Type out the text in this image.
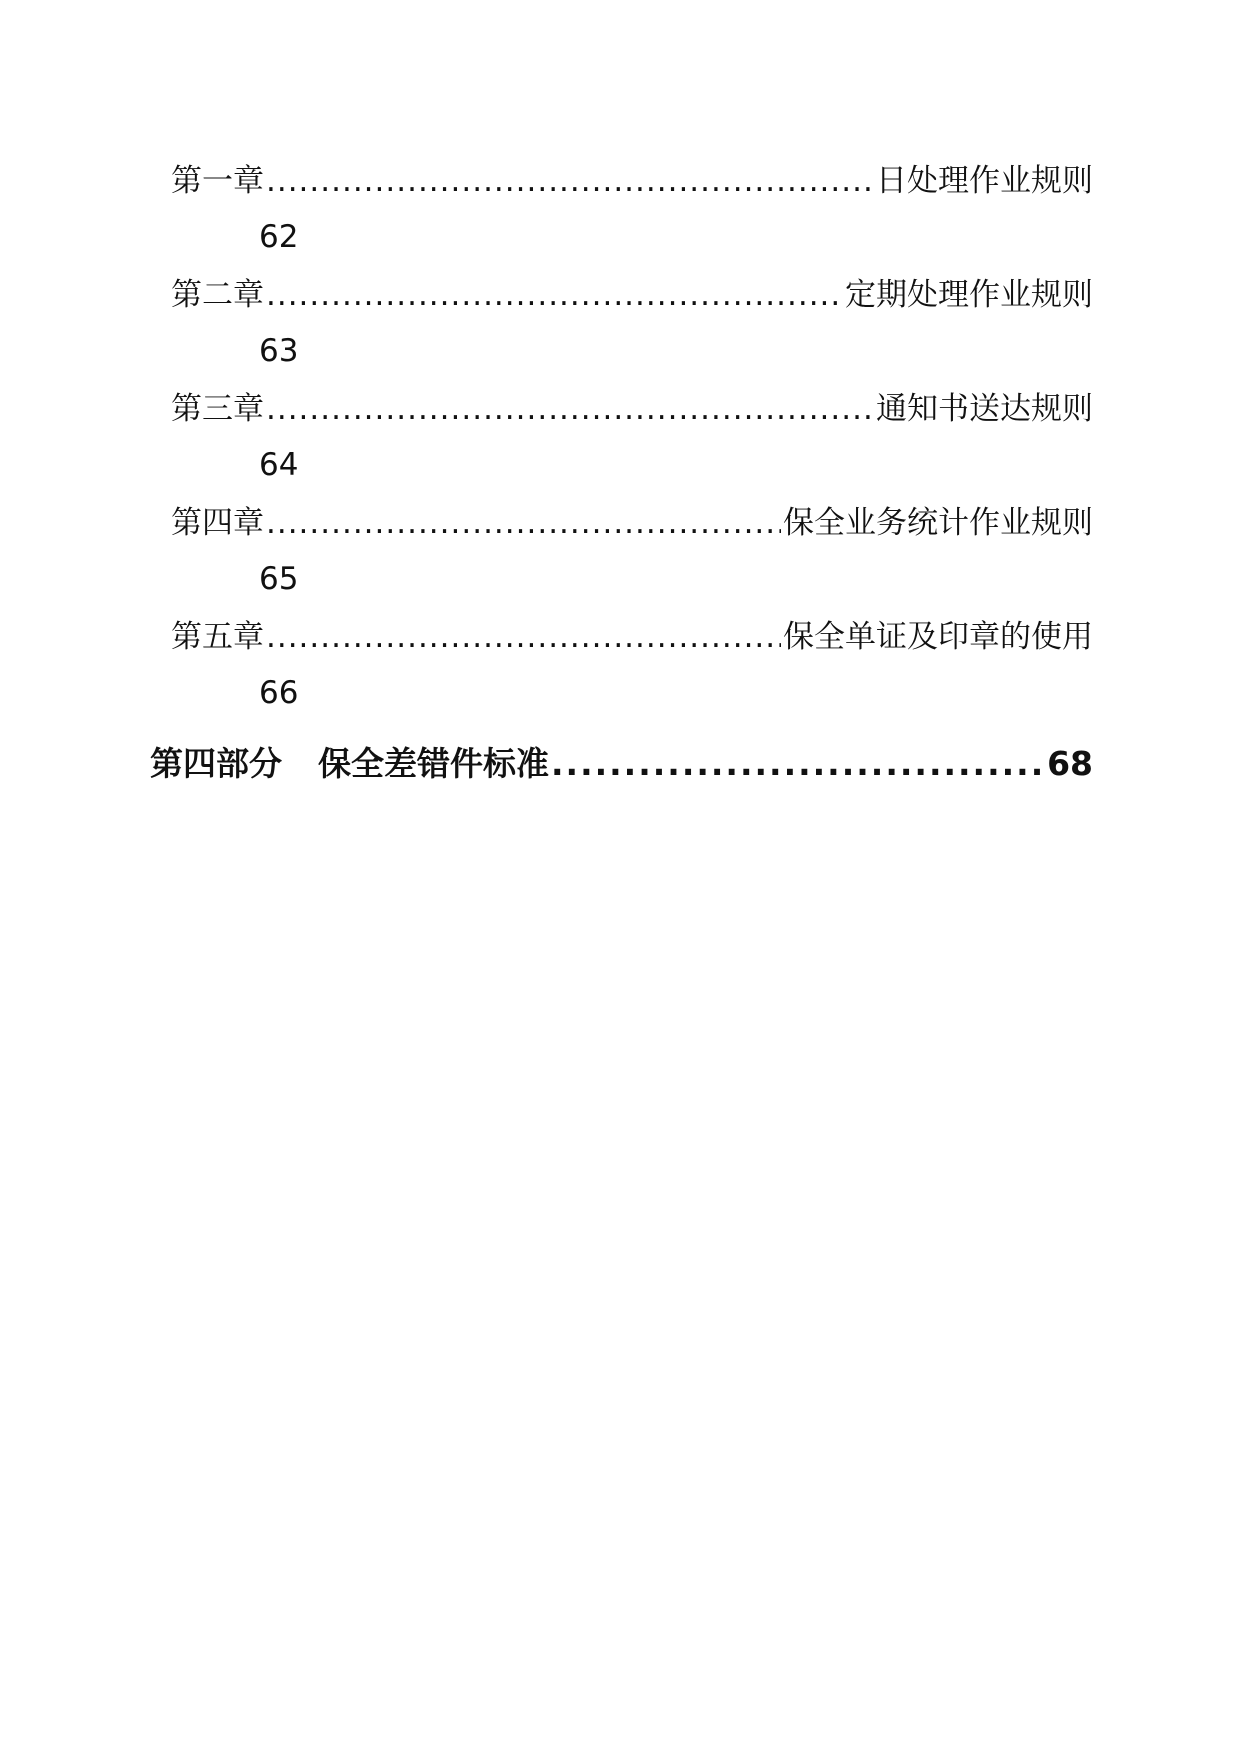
第一章 .....	日处理作业规则
62
第二章 .....	定期处理作业规则
63
第三章 .....	通知书送达规则
64
第四章 .....	保全业务统计作业规则
65
第五章 .....	保全单证及印章的使用
66
第四部分 保全差错件标准 .....	68
